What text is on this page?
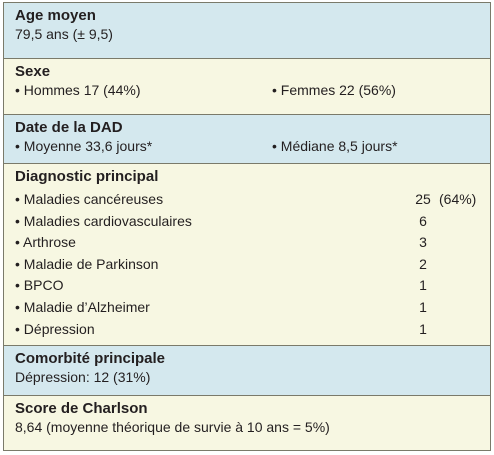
Age moyen
79,5 ans (± 9,5)
Sexe
• Hommes 17 (44%)	• Femmes 22 (56%)
Date de la DAD
• Moyenne 33,6 jours*	• Médiane 8,5 jours*
Diagnostic principal
• Maladies cancéreuses	25 (64%)
• Maladies cardiovasculaires	6
• Arthrose	3
• Maladie de Parkinson	2
• BPCO	1
• Maladie d’Alzheimer	1
• Dépression	1
Comorbité principale
Dépression: 12 (31%)
Score de Charlson
8,64 (moyenne théorique de survie à 10 ans = 5%)
